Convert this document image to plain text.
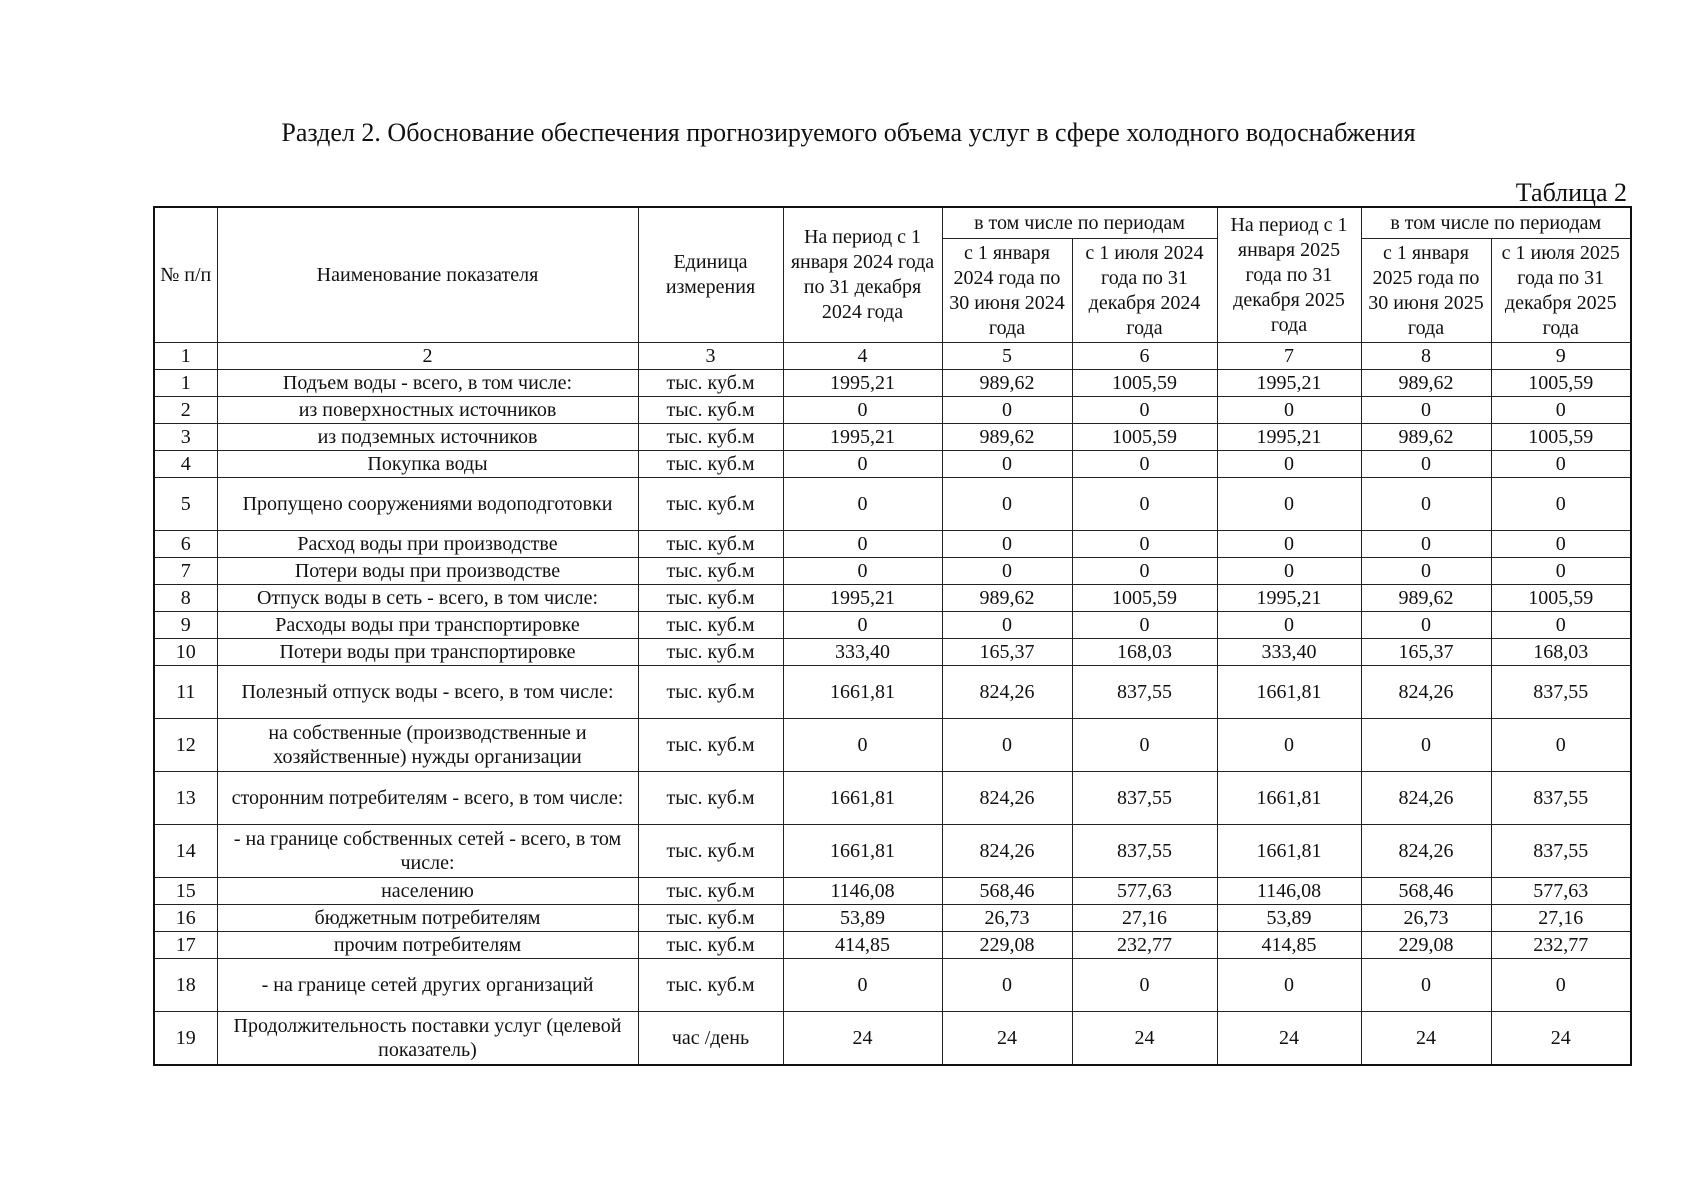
Раздел 2. Обоснование обеспечения прогнозируемого объема услуг в сфере холодного водоснабжения
Таблица 2
№ п/п	Наименование показателя	Единица измерения	На период с 1 января 2024 года по 31 декабря 2024 года	в том числе по периодам		На период с 1 января 2025 года по 31 декабря 2025 года	в том числе по периодам	
				с 1 января 2024 года по 30 июня 2024 года	с 1 июля 2024 года по 31 декабря 2024 года		с 1 января 2025 года по 30 июня 2025 года	с 1 июля 2025 года по 31 декабря 2025 года
1	2	3	4	5	6	7	8	9
1	Подъем воды - всего, в том числе:	тыс. куб.м	1995,21	989,62	1005,59	1995,21	989,62	1005,59
2	из поверхностных источников	тыс. куб.м	0	0	0	0	0	0
3	из подземных источников	тыс. куб.м	1995,21	989,62	1005,59	1995,21	989,62	1005,59
4	Покупка воды	тыс. куб.м	0	0	0	0	0	0
5	Пропущено сооружениями водоподготовки	тыс. куб.м	0	0	0	0	0	0
6	Расход воды при производстве	тыс. куб.м	0	0	0	0	0	0
7	Потери воды при производстве	тыс. куб.м	0	0	0	0	0	0
8	Отпуск воды в сеть - всего, в том числе:	тыс. куб.м	1995,21	989,62	1005,59	1995,21	989,62	1005,59
9	Расходы воды при транспортировке	тыс. куб.м	0	0	0	0	0	0
10	Потери воды при транспортировке	тыс. куб.м	333,40	165,37	168,03	333,40	165,37	168,03
11	Полезный отпуск воды - всего, в том числе:	тыс. куб.м	1661,81	824,26	837,55	1661,81	824,26	837,55
12	на собственные (производственные и хозяйственные) нужды организации	тыс. куб.м	0	0	0	0	0	0
13	сторонним потребителям - всего, в том числе:	тыс. куб.м	1661,81	824,26	837,55	1661,81	824,26	837,55
14	- на границе собственных сетей - всего, в том числе:	тыс. куб.м	1661,81	824,26	837,55	1661,81	824,26	837,55
15	населению	тыс. куб.м	1146,08	568,46	577,63	1146,08	568,46	577,63
16	бюджетным потребителям	тыс. куб.м	53,89	26,73	27,16	53,89	26,73	27,16
17	прочим потребителям	тыс. куб.м	414,85	229,08	232,77	414,85	229,08	232,77
18	- на границе сетей других организаций	тыс. куб.м	0	0	0	0	0	0
19	Продолжительность поставки услуг (целевой показатель)	час /день	24	24	24	24	24	24
